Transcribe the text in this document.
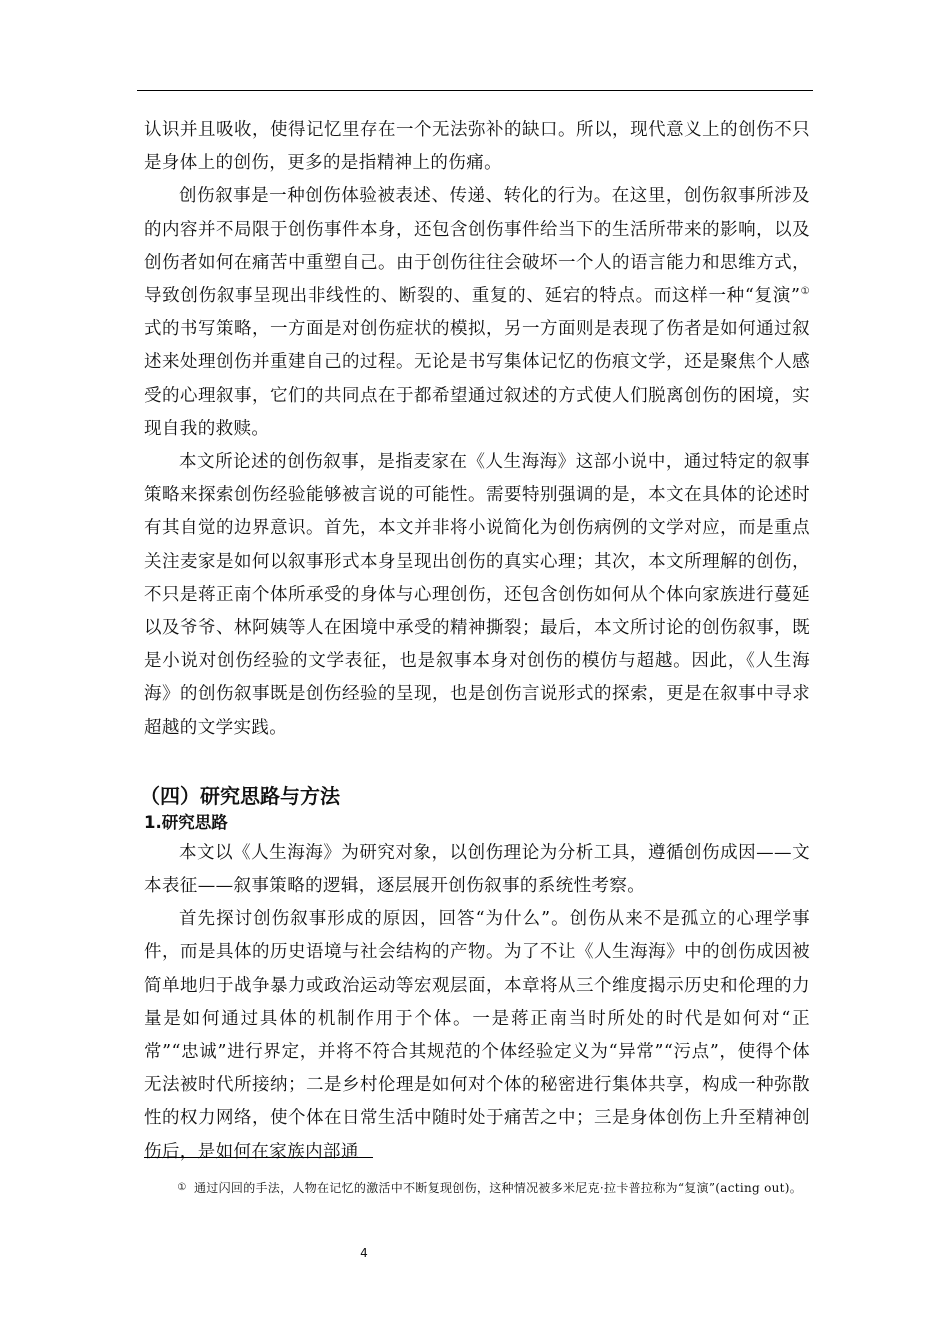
认识并且吸收，使得记忆里存在一个无法弥补的缺口。所以，现代意义上的创伤不只是身体上的创伤，更多的是指精神上的伤痛。

创伤叙事是一种创伤体验被表述、传递、转化的行为。在这里，创伤叙事所涉及的内容并不局限于创伤事件本身，还包含创伤事件给当下的生活所带来的影响，以及创伤者如何在痛苦中重塑自己。由于创伤往往会破坏一个人的语言能力和思维方式，导致创伤叙事呈现出非线性的、断裂的、重复的、延宕的特点。而这样一种“复演”①式的书写策略，一方面是对创伤症状的模拟，另一方面则是表现了伤者是如何通过叙述来处理创伤并重建自己的过程。无论是书写集体记忆的伤痕文学，还是聚焦个人感受的心理叙事，它们的共同点在于都希望通过叙述的方式使人们脱离创伤的困境，实现自我的救赎。

本文所论述的创伤叙事，是指麦家在《人生海海》这部小说中，通过特定的叙事策略来探索创伤经验能够被言说的可能性。需要特别强调的是，本文在具体的论述时有其自觉的边界意识。首先，本文并非将小说简化为创伤病例的文学对应，而是重点关注麦家是如何以叙事形式本身呈现出创伤的真实心理；其次，本文所理解的创伤，不只是蒋正南个体所承受的身体与心理创伤，还包含创伤如何从个体向家族进行蔓延以及爷爷、林阿姨等人在困境中承受的精神撕裂；最后，本文所讨论的创伤叙事，既是小说对创伤经验的文学表征，也是叙事本身对创伤的模仿与超越。因此，《人生海海》的创伤叙事既是创伤经验的呈现，也是创伤言说形式的探索，更是在叙事中寻求超越的文学实践。

（四）研究思路与方法
1.研究思路

本文以《人生海海》为研究对象，以创伤理论为分析工具，遵循创伤成因——文本表征——叙事策略的逻辑，逐层展开创伤叙事的系统性考察。

首先探讨创伤叙事形成的原因，回答“为什么”。创伤从来不是孤立的心理学事件，而是具体的历史语境与社会结构的产物。为了不让《人生海海》中的创伤成因被简单地归于战争暴力或政治运动等宏观层面，本章将从三个维度揭示历史和伦理的力量是如何通过具体的机制作用于个体。一是蒋正南当时所处的时代是如何对“正常”“忠诚”进行界定，并将不符合其规范的个体经验定义为“异常”“污点”，使得个体无法被时代所接纳；二是乡村伦理是如何对个体的秘密进行集体共享，构成一种弥散性的权力网络，使个体在日常生活中随时处于痛苦之中；三是身体创伤上升至精神创伤后，是如何在家族内部通

① 通过闪回的手法，人物在记忆的激活中不断复现创伤，这种情况被多米尼克·拉卡普拉称为“复演”(acting out)。
4
